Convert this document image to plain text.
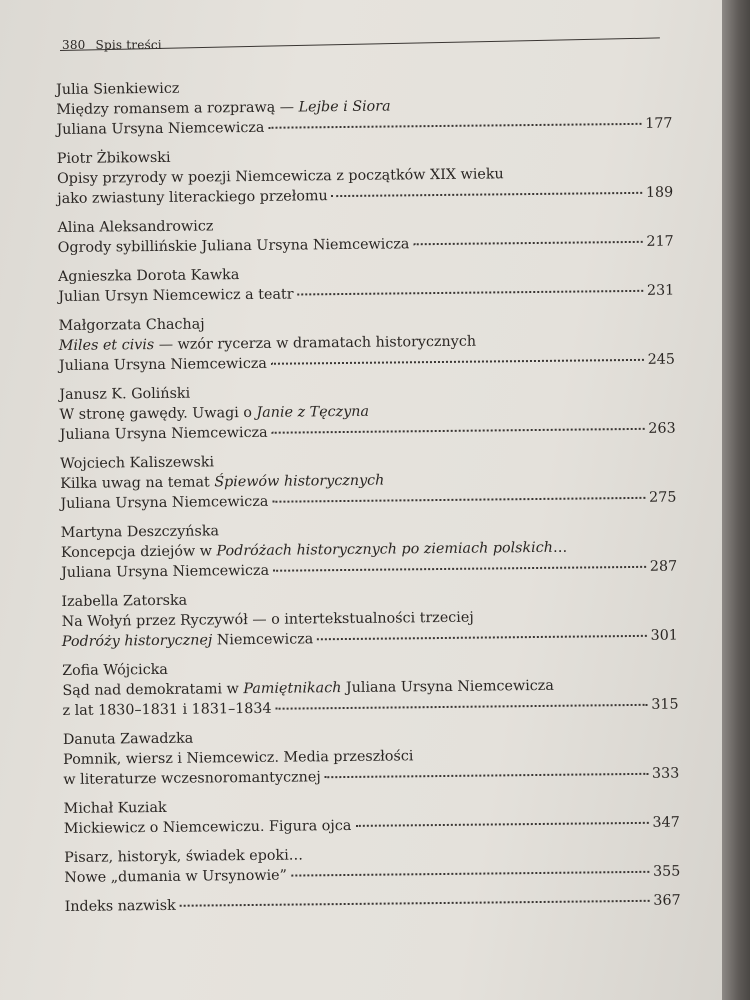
380 Spis treści
Julia Sienkiewicz
Między romansem a rozprawą — Lejbe i Siora
Juliana Ursyna Niemcewicza	177
Piotr Żbikowski
Opisy przyrody w poezji Niemcewicza z początków XIX wieku
jako zwiastuny literackiego przełomu	189
Alina Aleksandrowicz
Ogrody sybillińskie Juliana Ursyna Niemcewicza	217
Agnieszka Dorota Kawka
Julian Ursyn Niemcewicz a teatr	231
Małgorzata Chachaj
Miles et civis — wzór rycerza w dramatach historycznych
Juliana Ursyna Niemcewicza	245
Janusz K. Goliński
W stronę gawędy. Uwagi o Janie z Tęczyna
Juliana Ursyna Niemcewicza	263
Wojciech Kaliszewski
Kilka uwag na temat Śpiewów historycznych
Juliana Ursyna Niemcewicza	275
Martyna Deszczyńska
Koncepcja dziejów w Podróżach historycznych po ziemiach polskich…
Juliana Ursyna Niemcewicza	287
Izabella Zatorska
Na Wołyń przez Ryczywół — o intertekstualności trzeciej
Podróży historycznej Niemcewicza	301
Zofia Wójcicka
Sąd nad demokratami w Pamiętnikach Juliana Ursyna Niemcewicza
z lat 1830–1831 i 1831–1834	315
Danuta Zawadzka
Pomnik, wiersz i Niemcewicz. Media przeszłości
w literaturze wczesnoromantycznej	333
Michał Kuziak
Mickiewicz o Niemcewiczu. Figura ojca	347
Pisarz, historyk, świadek epoki…
Nowe „dumania w Ursynowie”	355
Indeks nazwisk	367
